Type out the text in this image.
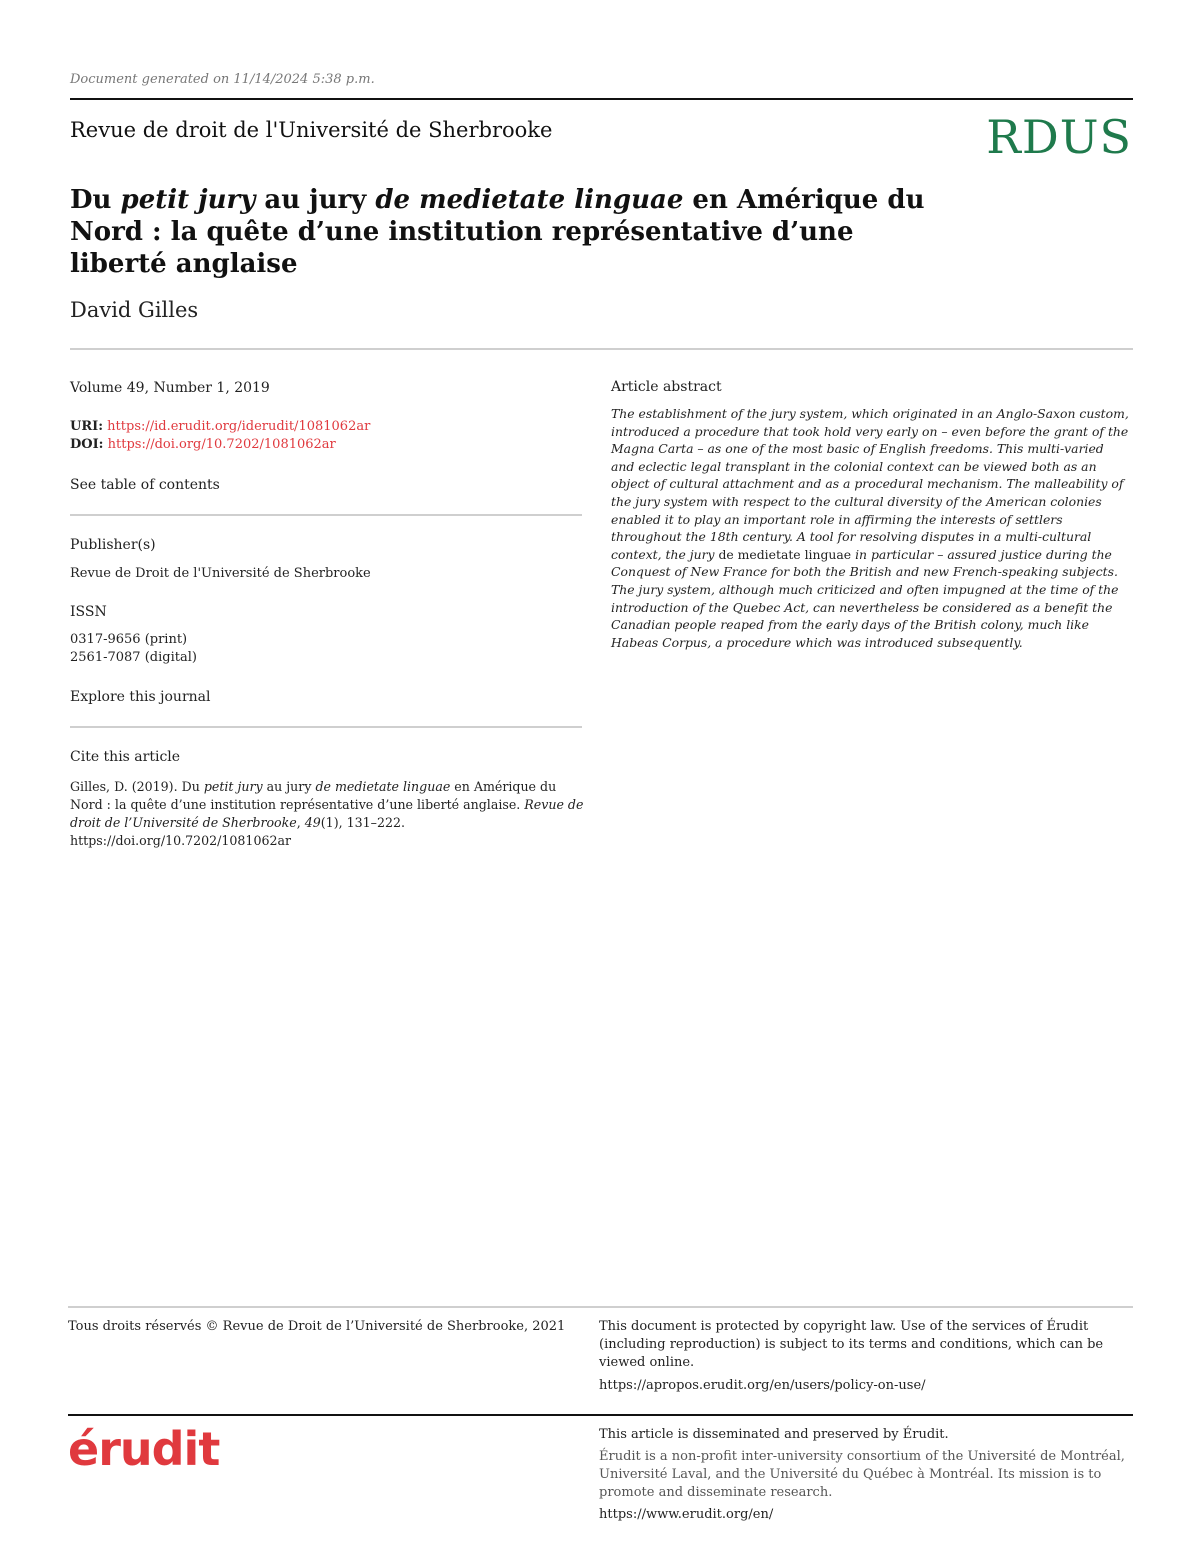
Document generated on 11/14/2024 5:38 p.m.
Revue de droit de l'Université de Sherbrooke	RDUS
Du petit jury au jury de medietate linguae en Amérique du Nord : la quête d’une institution représentative d’une liberté anglaise
David Gilles
Volume 49, Number 1, 2019
URI: https://id.erudit.org/iderudit/1081062ar
DOI: https://doi.org/10.7202/1081062ar
See table of contents
Publisher(s)
Revue de Droit de l'Université de Sherbrooke
ISSN
0317-9656 (print)
2561-7087 (digital)
Explore this journal
Cite this article
Gilles, D. (2019). Du petit jury au jury de medietate linguae en Amérique du Nord : la quête d’une institution représentative d’une liberté anglaise. Revue de droit de l’Université de Sherbrooke, 49(1), 131–222. https://doi.org/10.7202/1081062ar
Article abstract
The establishment of the jury system, which originated in an Anglo-Saxon custom, introduced a procedure that took hold very early on – even before the grant of the Magna Carta – as one of the most basic of English freedoms. This multi-varied and eclectic legal transplant in the colonial context can be viewed both as an object of cultural attachment and as a procedural mechanism. The malleability of the jury system with respect to the cultural diversity of the American colonies enabled it to play an important role in affirming the interests of settlers throughout the 18th century. A tool for resolving disputes in a multi-cultural context, the jury de medietate linguae in particular – assured justice during the Conquest of New France for both the British and new French-speaking subjects. The jury system, although much criticized and often impugned at the time of the introduction of the Quebec Act, can nevertheless be considered as a benefit the Canadian people reaped from the early days of the British colony, much like Habeas Corpus, a procedure which was introduced subsequently.
Tous droits réservés © Revue de Droit de l’Université de Sherbrooke, 2021	This document is protected by copyright law. Use of the services of Érudit (including reproduction) is subject to its terms and conditions, which can be viewed online.
https://apropos.erudit.org/en/users/policy-on-use/
érudit	This article is disseminated and preserved by Érudit.
Érudit is a non-profit inter-university consortium of the Université de Montréal, Université Laval, and the Université du Québec à Montréal. Its mission is to promote and disseminate research.
https://www.erudit.org/en/
